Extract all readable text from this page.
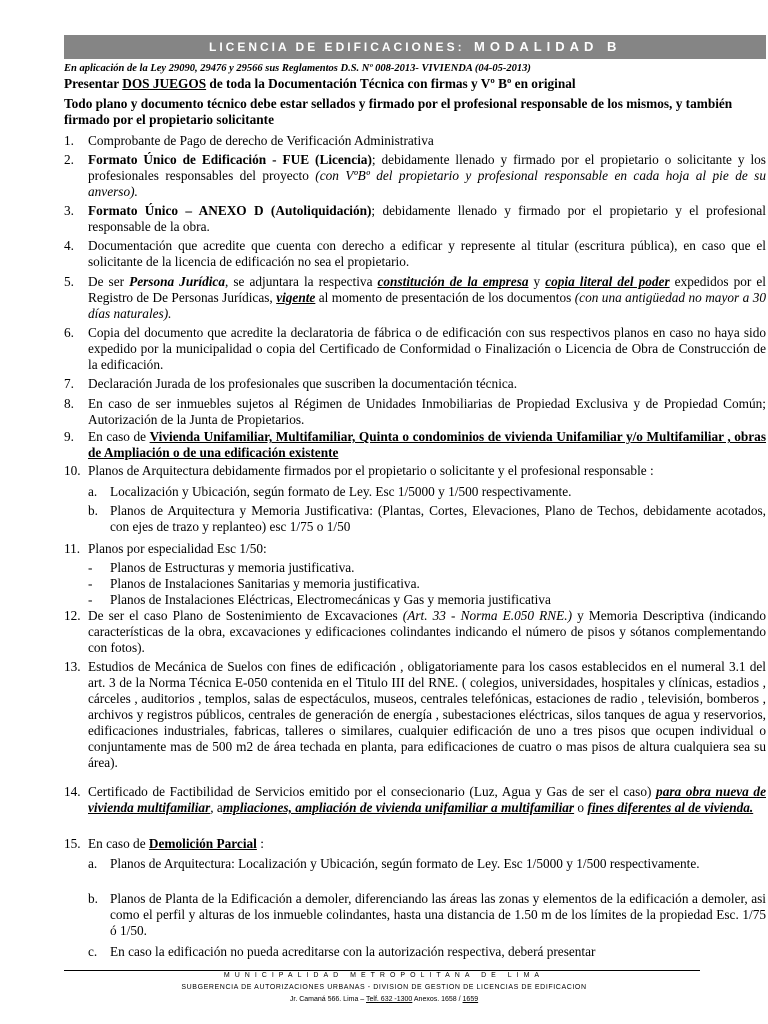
LICENCIA DE EDIFICACIONES: MODALIDAD B
En aplicación de la Ley 29090, 29476 y 29566 sus Reglamentos D.S. Nº 008-2013- VIVIENDA (04-05-2013)
Presentar DOS JUEGOS de toda la Documentación Técnica con firmas y Vº Bº en original
Todo plano y documento técnico debe estar sellados y firmado por el profesional responsable de los mismos, y también firmado por el propietario solicitante
1. Comprobante de Pago de derecho de Verificación Administrativa
2. Formato Único de Edificación - FUE (Licencia); debidamente llenado y firmado por el propietario o solicitante y los profesionales responsables del proyecto (con VºBº del propietario y profesional responsable en cada hoja al pie de su anverso).
3. Formato Único – ANEXO D (Autoliquidación); debidamente llenado y firmado por el propietario y el profesional responsable de la obra.
4. Documentación que acredite que cuenta con derecho a edificar y represente al titular (escritura pública), en caso que el solicitante de la licencia de edificación no sea el propietario.
5. De ser Persona Jurídica, se adjuntara la respectiva constitución de la empresa y copia literal del poder expedidos por el Registro de De Personas Jurídicas, vigente al momento de presentación de los documentos (con una antigüedad no mayor a 30 días naturales).
6. Copia del documento que acredite la declaratoria de fábrica o de edificación con sus respectivos planos en caso no haya sido expedido por la municipalidad o copia del Certificado de Conformidad o Finalización o Licencia de Obra de Construcción de la edificación.
7. Declaración Jurada de los profesionales que suscriben la documentación técnica.
8. En caso de ser inmuebles sujetos al Régimen de Unidades Inmobiliarias de Propiedad Exclusiva y de Propiedad Común; Autorización de la Junta de Propietarios.
9. En caso de Vivienda Unifamiliar, Multifamiliar, Quinta o condominios de vivienda Unifamiliar y/o Multifamiliar , obras de Ampliación o de una edificación existente
10. Planos de Arquitectura debidamente firmados por el propietario o solicitante y el profesional responsable :
a. Localización y Ubicación, según formato de Ley. Esc 1/5000 y 1/500 respectivamente.
b. Planos de Arquitectura y Memoria Justificativa: (Plantas, Cortes, Elevaciones, Plano de Techos, debidamente acotados, con ejes de trazo y replanteo) esc 1/75 o 1/50
11. Planos por especialidad Esc 1/50:
- Planos de Estructuras y memoria justificativa.
- Planos de Instalaciones Sanitarias y memoria justificativa.
- Planos de Instalaciones Eléctricas, Electromecánicas y Gas y memoria justificativa
12. De ser el caso Plano de Sostenimiento de Excavaciones (Art. 33 - Norma E.050 RNE.) y Memoria Descriptiva (indicando características de la obra, excavaciones y edificaciones colindantes indicando el número de pisos y sótanos complementando con fotos).
13. Estudios de Mecánica de Suelos con fines de edificación , obligatoriamente para los casos establecidos en el numeral 3.1 del art. 3 de la Norma Técnica E-050 contenida en el Titulo III del RNE. ( colegios, universidades, hospitales y clínicas, estadios , cárceles , auditorios , templos, salas de espectáculos, museos, centrales telefónicas, estaciones de radio , televisión, bomberos , archivos y registros públicos, centrales de generación de energía , subestaciones eléctricas, silos tanques de agua y reservorios, edificaciones industriales, fabricas, talleres o similares, cualquier edificación de uno a tres pisos que ocupen individual o conjuntamente mas de 500 m2 de área techada en planta, para edificaciones de cuatro o mas pisos de altura cualquiera sea su área).
14. Certificado de Factibilidad de Servicios emitido por el consecionario (Luz, Agua y Gas de ser el caso) para obra nueva de vivienda multifamiliar, ampliaciones, ampliación de vivienda unifamiliar a multifamiliar o fines diferentes al de vivienda.
15. En caso de Demolición Parcial :
a. Planos de Arquitectura: Localización y Ubicación, según formato de Ley. Esc 1/5000 y 1/500 respectivamente.
b. Planos de Planta de la Edificación a demoler, diferenciando las áreas las zonas y elementos de la edificación a demoler, asi como el perfil y alturas de los inmueble colindantes, hasta una distancia de 1.50 m de los límites de la propiedad Esc. 1/75 ó 1/50.
c. En caso la edificación no pueda acreditarse con la autorización respectiva, deberá presentar
MUNICIPALIDAD METROPOLITANA DE LIMA
SUBGERENCIA DE AUTORIZACIONES URBANAS - DIVISION DE GESTION DE LICENCIAS DE EDIFICACION
Jr. Camaná 566. Lima – Telf. 632 -1300 Anexos. 1658 / 1659
